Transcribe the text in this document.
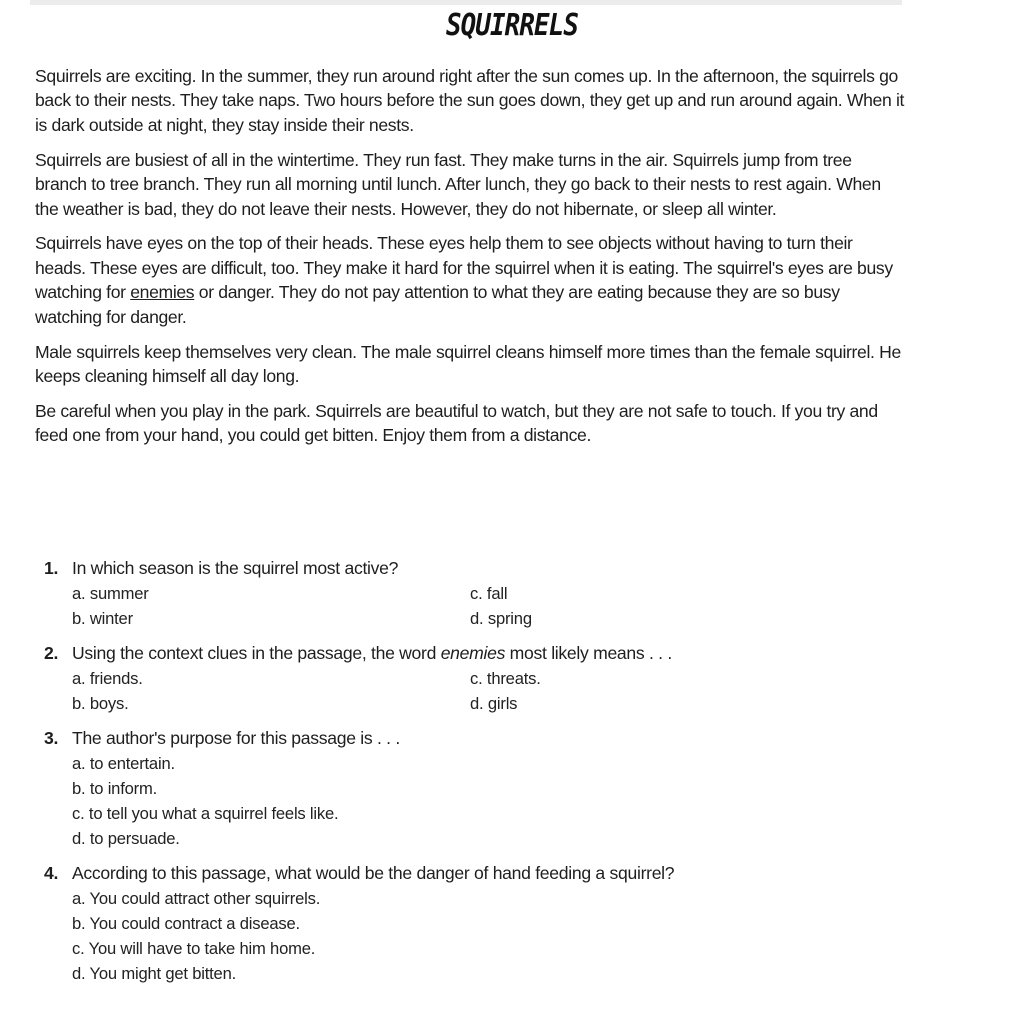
SQUIRRELS

Squirrels are exciting. In the summer, they run around right after the sun comes up. In the afternoon, the squirrels go back to their nests. They take naps. Two hours before the sun goes down, they get up and run around again. When it is dark outside at night, they stay inside their nests.

Squirrels are busiest of all in the wintertime. They run fast. They make turns in the air. Squirrels jump from tree branch to tree branch. They run all morning until lunch. After lunch, they go back to their nests to rest again. When the weather is bad, they do not leave their nests. However, they do not hibernate, or sleep all winter.

Squirrels have eyes on the top of their heads. These eyes help them to see objects without having to turn their heads. These eyes are difficult, too. They make it hard for the squirrel when it is eating. The squirrel's eyes are busy watching for enemies or danger. They do not pay attention to what they are eating because they are so busy watching for danger.

Male squirrels keep themselves very clean. The male squirrel cleans himself more times than the female squirrel. He keeps cleaning himself all day long.

Be careful when you play in the park. Squirrels are beautiful to watch, but they are not safe to touch. If you try and feed one from your hand, you could get bitten. Enjoy them from a distance.

1. In which season is the squirrel most active?
a. summer
b. winter
c. fall
d. spring
2. Using the context clues in the passage, the word enemies most likely means . . .
a. friends.
b. boys.
c. threats.
d. girls
3. The author's purpose for this passage is . . .
a. to entertain.
b. to inform.
c. to tell you what a squirrel feels like.
d. to persuade.
4. According to this passage, what would be the danger of hand feeding a squirrel?
a. You could attract other squirrels.
b. You could contract a disease.
c. You will have to take him home.
d. You might get bitten.
